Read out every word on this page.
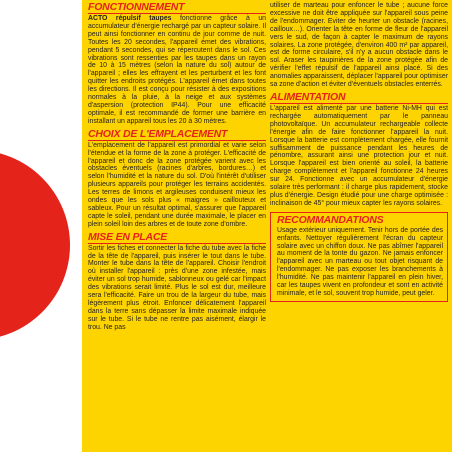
FONCTIONNEMENT

ACTO répulsif taupes fonctionne grâce à un accumulateur d'énergie rechargé par un capteur solaire. Il peut ainsi fonctionner en continu de jour comme de nuit. Toutes les 20 secondes, l'appareil émet des vibrations, pendant 5 secondes, qui se répercutent dans le sol. Ces vibrations sont ressenties par les taupes dans un rayon de 10 à 15 mètres (selon la nature du sol) autour de l'appareil ; elles les effrayent et les perturbent et les font quitter les endroits protégés. L'appareil émet dans toutes les directions. Il est conçu pour résister à des expositions normales à la pluie, à la neige et aux systèmes d'aspersion (protection IP44). Pour une efficacité optimale, il est recommandé de former une barrière en installant un appareil tous les 20 à 30 mètres.

CHOIX DE L'EMPLACEMENT

L'emplacement de l'appareil est primordial et varie selon l'étendue et la forme de la zone à protéger. L'efficacité de l'appareil et donc de la zone protégée varient avec les obstacles éventuels (racines d'arbres, bordures…) et selon l'humidité et la nature du sol. D'où l'intérêt d'utiliser plusieurs appareils pour protéger les terrains accidentés. Les terres de limons et argileuses conduisent mieux les ondes que les sols plus « maigres » caillouteux et sableux. Pour un résultat optimal, s'assurer que l'appareil capte le soleil, pendant une durée maximale, le placer en plein soleil loin des arbres et de toute zone d'ombre.

MISE EN PLACE

Sortir les fiches et connecter la fiche du tube avec la fiche de la tête de l'appareil, puis insérer le tout dans le tube. Monter le tube dans la tête de l'appareil. Choisir l'endroit où installer l'appareil : près d'une zone infestée, mais éviter un sol trop humide, sablonneux ou gelé car l'impact des vibrations serait limité. Plus le sol est dur, meilleure sera l'efficacité. Faire un trou de la largeur du tube, mais légèrement plus étroit. Enfoncer délicatement l'appareil dans la terre sans dépasser la limite maximale indiquée sur le tube. Si le tube ne rentre pas aisément, élargir le trou. Ne pas

utiliser de marteau pour enfoncer le tube ; aucune force excessive ne doit être appliquée sur l'appareil sous peine de l'endommager. Eviter de heurter un obstacle (racines, cailloux…). Orienter la tête en forme de fleur de l'appareil vers le sud, de façon à capter le maximum de rayons solaires. La zone protégée, d'environ 400 m² par appareil, est de forme circulaire, s'il n'y a aucun obstacle dans le sol. Araser les taupinières de la zone protégée afin de vérifier l'effet répulsif de l'appareil ainsi placé. Si des anomalies apparaissent, déplacer l'appareil pour optimiser sa zone d'action et éviter d'éventuels obstacles enterrés.

ALIMENTATION

L'appareil est alimenté par une batterie Ni-MH qui est rechargée automatiquement par le panneau photovoltaïque. Un accumulateur rechargeable collecte l'énergie afin de faire fonctionner l'appareil la nuit. Lorsque la batterie est complètement chargée, elle fournit suffisamment de puissance pendant les heures de pénombre, assurant ainsi une protection jour et nuit. Lorsque l'appareil est bien orienté au soleil, la batterie charge complètement et l'appareil fonctionne 24 heures sur 24. Fonctionne avec un accumulateur d'énergie solaire très performant : il charge plus rapidement, stocke plus d'énergie. Design étudié pour une charge optimisée : inclinaison de 45° pour mieux capter les rayons solaires.

RECOMMANDATIONS

Usage extérieur uniquement. Tenir hors de portée des enfants. Nettoyer régulièrement l'écran du capteur solaire avec un chiffon doux. Ne pas abîmer l'appareil au moment de la tonte du gazon. Ne jamais enfoncer l'appareil avec un marteau ou tout objet risquant de l'endommager. Ne pas exposer les branchements à l'humidité. Ne pas maintenir l'appareil en plein hiver, car les taupes vivent en profondeur et sont en activité minimale, et le sol, souvent trop humide, peut geler.
